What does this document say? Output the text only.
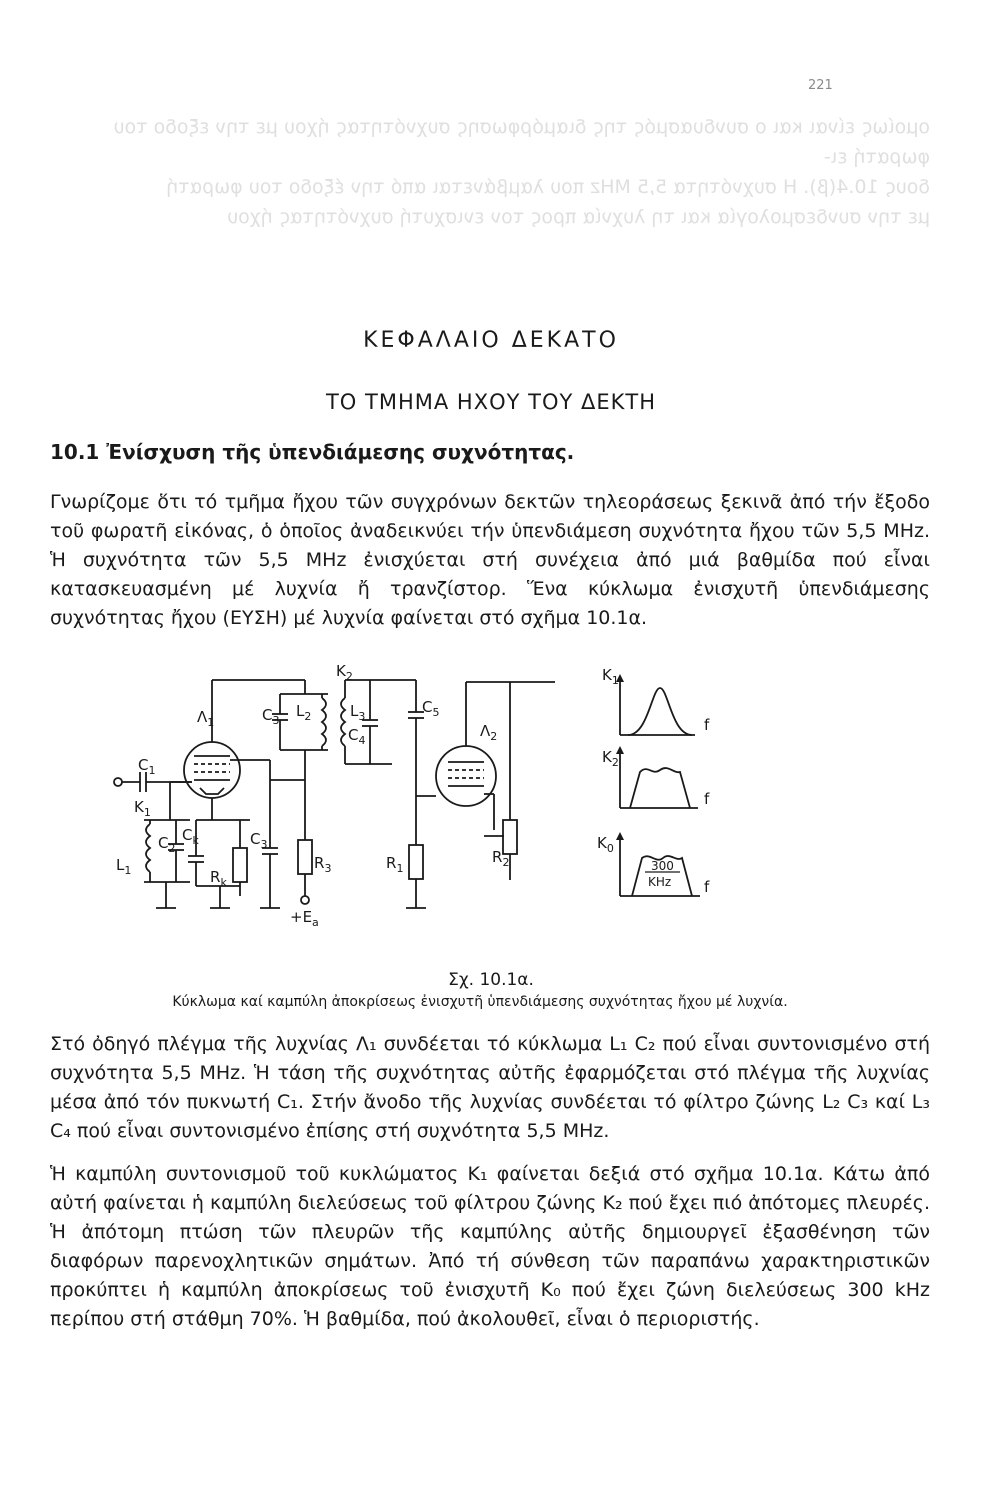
221
ομοίως είναι και ο συνδυασμός της διαμόρφωσης συχνότητας ήχου με την εξοδο του φωρατή ει-
δους 10.4(β). Η συχνότητα 5,5 MHz που λαμβάνεται από την έξοδο του φωρατή
με την συνδεσμολογία και τη λυχνία προς τον ενισχυτή συχνότητας ήχου
ΚΕΦΑΛΑΙΟ ΔΕΚΑΤΟ
ΤΟ ΤΜΗΜΑ ΗΧΟΥ ΤΟΥ ΔΕΚΤΗ
10.1 Ἐνίσχυση τῆς ὑπενδιάμεσης συχνότητας.
Γνωρίζομε ὅτι τό τμῆμα ἤχου τῶν συγχρόνων δεκτῶν τηλεοράσεως ξεκινᾶ ἀπό τήν ἔξοδο τοῦ φωρατῆ εἰκόνας, ὁ ὁποῖος ἀναδεικνύει τήν ὑπενδιάμεση συχνότητα ἤχου τῶν 5,5 MHz. Ἡ συχνότητα τῶν 5,5 MHz ἐνισχύεται στή συνέχεια ἀπό μιά βαθμίδα πού εἶναι κατασκευασμένη μέ λυχνία ἤ τρανζίστορ. Ἕνα κύκλωμα ἐνισχυτῆ ὑπενδιάμεσης συχνότητας ἤχου (ΕΥΣΗ) μέ λυχνία φαίνεται στό σχῆμα 10.1α.
$\Lambda_1$	$\Lambda_2$
$C_1$
$C_2$
$C_3$
$C_3$
$C_4$
$C_5$
$C_k$
$L_1$
$L_2$	$L_3$
$K_1$
$K_2$
$R_k$
$R_1$
$R_2$
$R_3$
$+E_a$
$K_1$
$K_2$
$K_0$
f
f
f
300
KHz
Σχ. 10.1α.
Κύκλωμα καί καμπύλη ἀποκρίσεως ἐνισχυτῆ ὑπενδιάμεσης συχνότητας ἤχου μέ λυχνία.
Στό ὀδηγό πλέγμα τῆς λυχνίας Λ₁ συνδέεται τό κύκλωμα L₁ C₂ πού εἶναι συντονισμένο στή συχνότητα 5,5 MHz. Ἡ τάση τῆς συχνότητας αὐτῆς ἐφαρμόζεται στό πλέγμα τῆς λυχνίας μέσα ἀπό τόν πυκνωτή C₁. Στήν ἄνοδο τῆς λυχνίας συνδέεται τό φίλτρο ζώνης L₂ C₃ καί L₃ C₄ πού εἶναι συντονισμένο ἐπίσης στή συχνότητα 5,5 MHz.
Ἡ καμπύλη συντονισμοῦ τοῦ κυκλώματος K₁ φαίνεται δεξιά στό σχῆμα 10.1α. Κάτω ἀπό αὐτή φαίνεται ἡ καμπύλη διελεύσεως τοῦ φίλτρου ζώνης K₂ πού ἔχει πιό ἀπότομες πλευρές. Ἡ ἀπότομη πτώση τῶν πλευρῶν τῆς καμπύλης αὐτῆς δημιουργεῖ ἐξασθένηση τῶν διαφόρων παρενοχλητικῶν σημάτων. Ἀπό τή σύνθεση τῶν παραπάνω χαρακτηριστικῶν προκύπτει ἡ καμπύλη ἀποκρίσεως τοῦ ἐνισχυτῆ K₀ πού ἔχει ζώνη διελεύσεως 300 kHz περίπου στή στάθμη 70%. Ἡ βαθμίδα, πού ἀκολουθεῖ, εἶναι ὁ περιοριστής.
